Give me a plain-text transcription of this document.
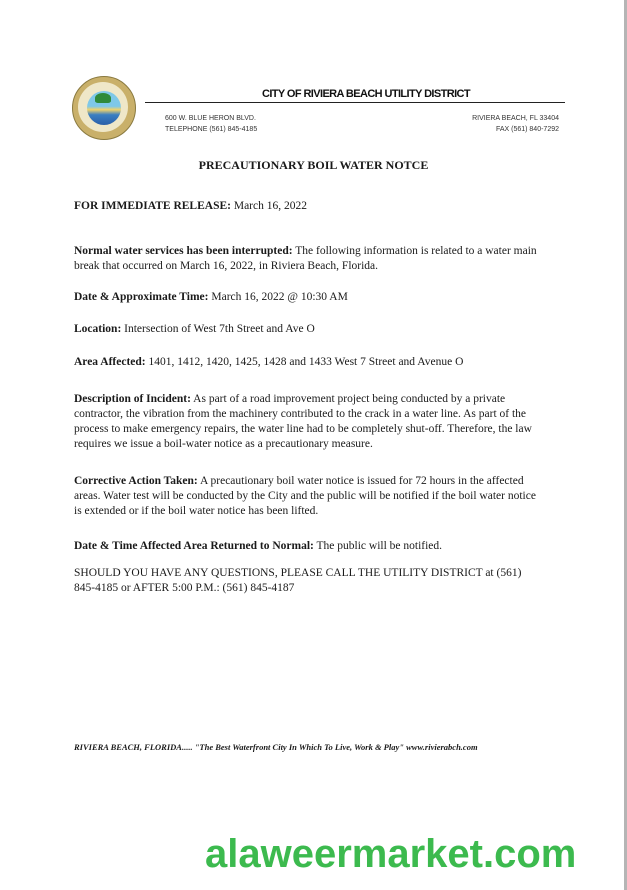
CITY OF RIVIERA BEACH UTILITY DISTRICT
600 W. BLUE HERON BLVD.
TELEPHONE (561) 845-4185
RIVIERA BEACH, FL 33404
FAX (561) 840-7292
PRECAUTIONARY BOIL WATER NOTCE
FOR IMMEDIATE RELEASE: March 16, 2022
Normal water services has been interrupted: The following information is related to a water main break that occurred on March 16, 2022, in Riviera Beach, Florida.
Date & Approximate Time: March 16, 2022 @ 10:30 AM
Location: Intersection of West 7th Street and Ave O
Area Affected: 1401, 1412, 1420, 1425, 1428 and 1433 West 7 Street and Avenue O
Description of Incident: As part of a road improvement project being conducted by a private contractor, the vibration from the machinery contributed to the crack in a water line. As part of the process to make emergency repairs, the water line had to be completely shut-off. Therefore, the law requires we issue a boil-water notice as a precautionary measure.
Corrective Action Taken: A precautionary boil water notice is issued for 72 hours in the affected areas. Water test will be conducted by the City and the public will be notified if the boil water notice is extended or if the boil water notice has been lifted.
Date & Time Affected Area Returned to Normal: The public will be notified.
SHOULD YOU HAVE ANY QUESTIONS, PLEASE CALL THE UTILITY DISTRICT at (561) 845-4185 or AFTER 5:00 P.M.: (561) 845-4187
RIVIERA BEACH, FLORIDA..... "The Best Waterfront City In Which To Live, Work & Play" www.rivierabch.com
alaweermarket.com
